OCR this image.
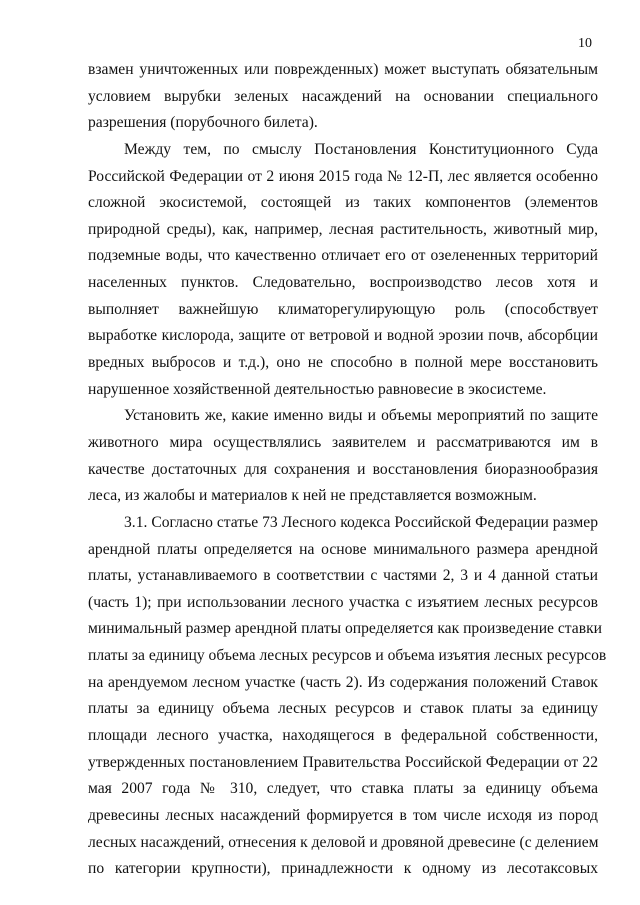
10
взамен уничтоженных или поврежденных) может выступать обязательным
условием вырубки зеленых насаждений на основании специального
разрешения (порубочного билета).
Между тем, по смыслу Постановления Конституционного Суда
Российской Федерации от 2 июня 2015 года № 12-П, лес является особенно
сложной экосистемой, состоящей из таких компонентов (элементов
природной среды), как, например, лесная растительность, животный мир,
подземные воды, что качественно отличает его от озелененных территорий
населенных пунктов. Следовательно, воспроизводство лесов хотя и
выполняет важнейшую климаторегулирующую роль (способствует
выработке кислорода, защите от ветровой и водной эрозии почв, абсорбции
вредных выбросов и т.д.), оно не способно в полной мере восстановить
нарушенное хозяйственной деятельностью равновесие в экосистеме.
Установить же, какие именно виды и объемы мероприятий по защите
животного мира осуществлялись заявителем и рассматриваются им в
качестве достаточных для сохранения и восстановления биоразнообразия
леса, из жалобы и материалов к ней не представляется возможным.
3.1. Согласно статье 73 Лесного кодекса Российской Федерации размер
арендной платы определяется на основе минимального размера арендной
платы, устанавливаемого в соответствии с частями 2, 3 и 4 данной статьи
(часть 1); при использовании лесного участка с изъятием лесных ресурсов
минимальный размер арендной платы определяется как произведение ставки
платы за единицу объема лесных ресурсов и объема изъятия лесных ресурсов
на арендуемом лесном участке (часть 2). Из содержания положений Ставок
платы за единицу объема лесных ресурсов и ставок платы за единицу
площади лесного участка, находящегося в федеральной собственности,
утвержденных постановлением Правительства Российской Федерации от 22
мая 2007 года № 310, следует, что ставка платы за единицу объема
древесины лесных насаждений формируется в том числе исходя из пород
лесных насаждений, отнесения к деловой и дровяной древесине (с делением
по категории крупности), принадлежности к одному из лесотаксовых
